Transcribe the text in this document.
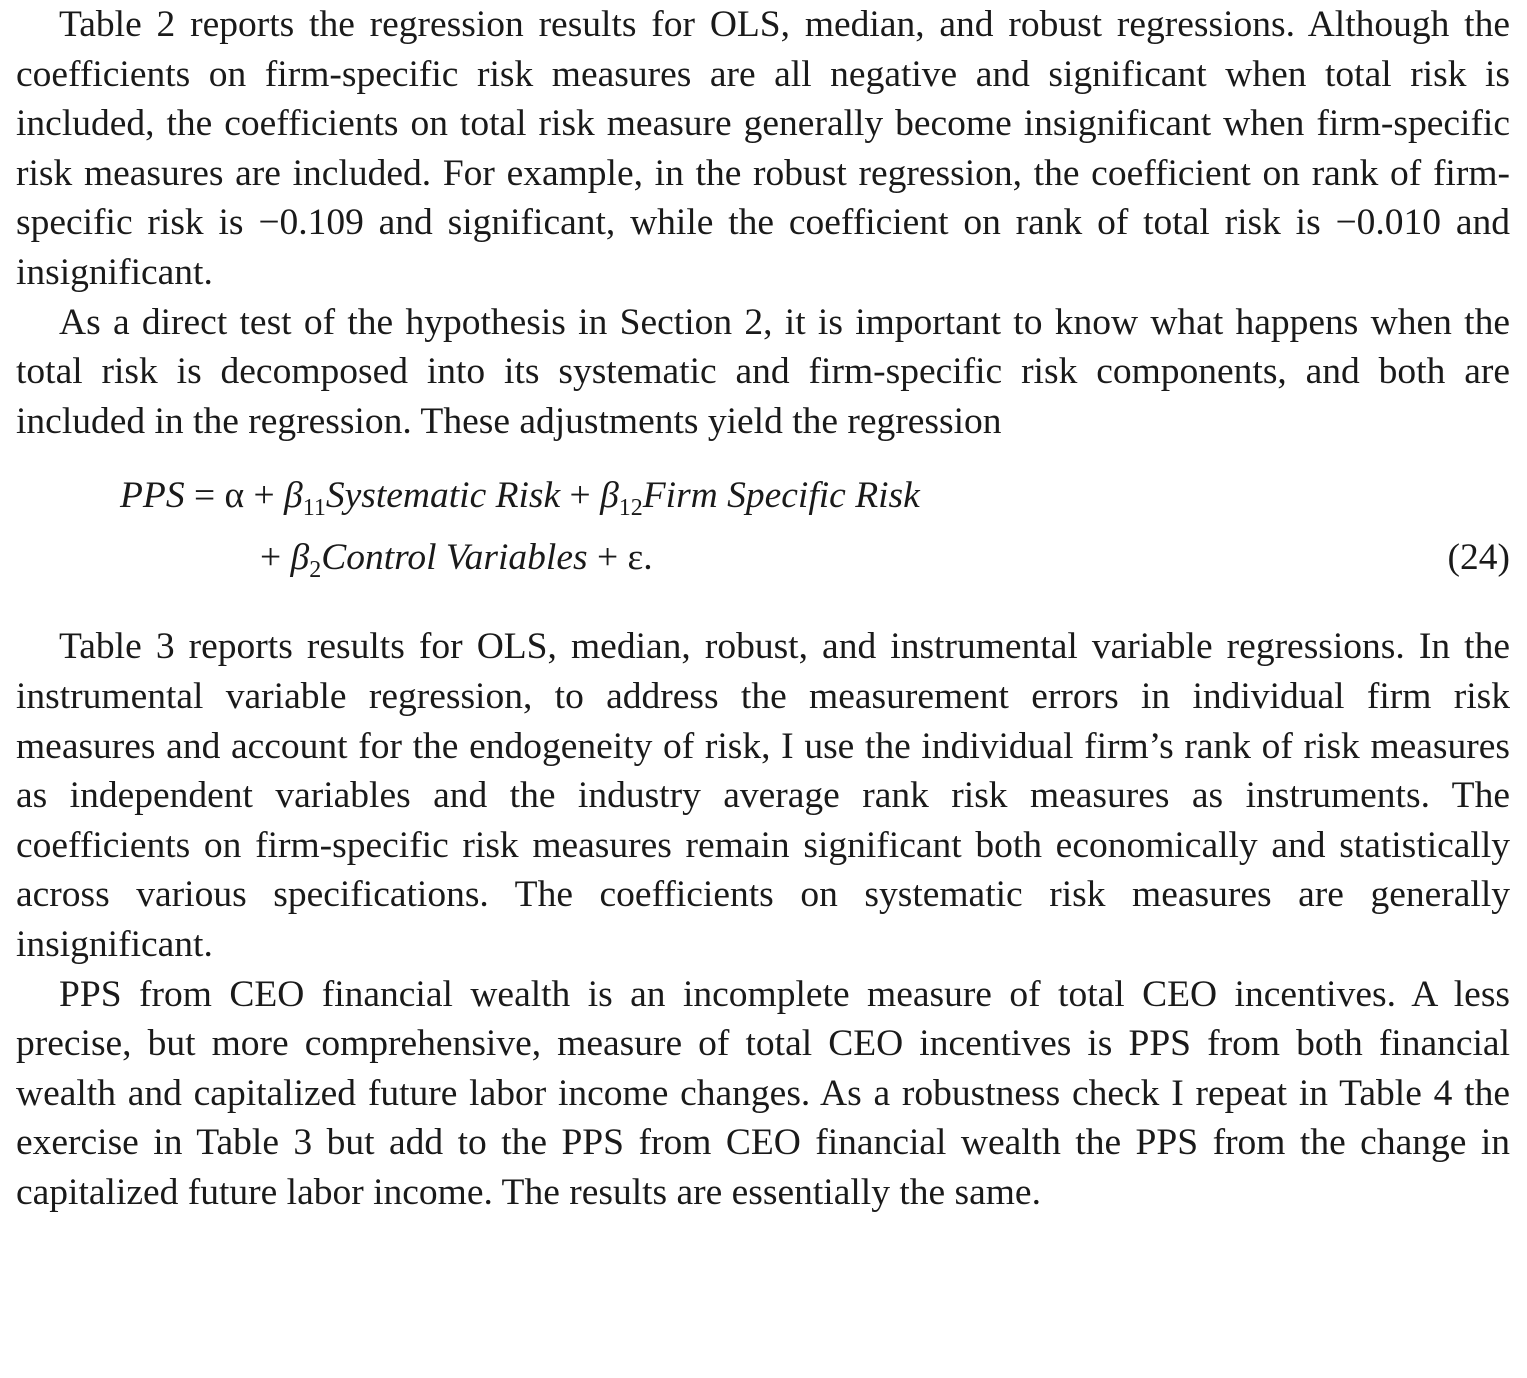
Table 2 reports the regression results for OLS, median, and robust regressions. Although the coefficients on firm-specific risk measures are all negative and significant when total risk is included, the coefficients on total risk measure generally become insignificant when firm-specific risk measures are included. For example, in the robust regression, the coefficient on rank of firm-specific risk is −0.109 and significant, while the coefficient on rank of total risk is −0.010 and insignificant.

As a direct test of the hypothesis in Section 2, it is important to know what happens when the total risk is decomposed into its systematic and firm-specific risk components, and both are included in the regression. These adjustments yield the regression

PPS = $\alpha + \beta_{11}Systematic$ Risk + $\beta_{12}Firm$ Specific Risk
+ $\beta_2Control$ Variables + ε.	(24)

Table 3 reports results for OLS, median, robust, and instrumental variable regressions. In the instrumental variable regression, to address the measurement errors in individual firm risk measures and account for the endogeneity of risk, I use the individual firm’s rank of risk measures as independent variables and the industry average rank risk measures as instruments. The coefficients on firm-specific risk measures remain significant both economically and statistically across various specifications. The coefficients on systematic risk measures are generally insignificant.

PPS from CEO financial wealth is an incomplete measure of total CEO incentives. A less precise, but more comprehensive, measure of total CEO incentives is PPS from both financial wealth and capitalized future labor income changes. As a robustness check I repeat in Table 4 the exercise in Table 3 but add to the PPS from CEO financial wealth the PPS from the change in capitalized future labor income. The results are essentially the same.
